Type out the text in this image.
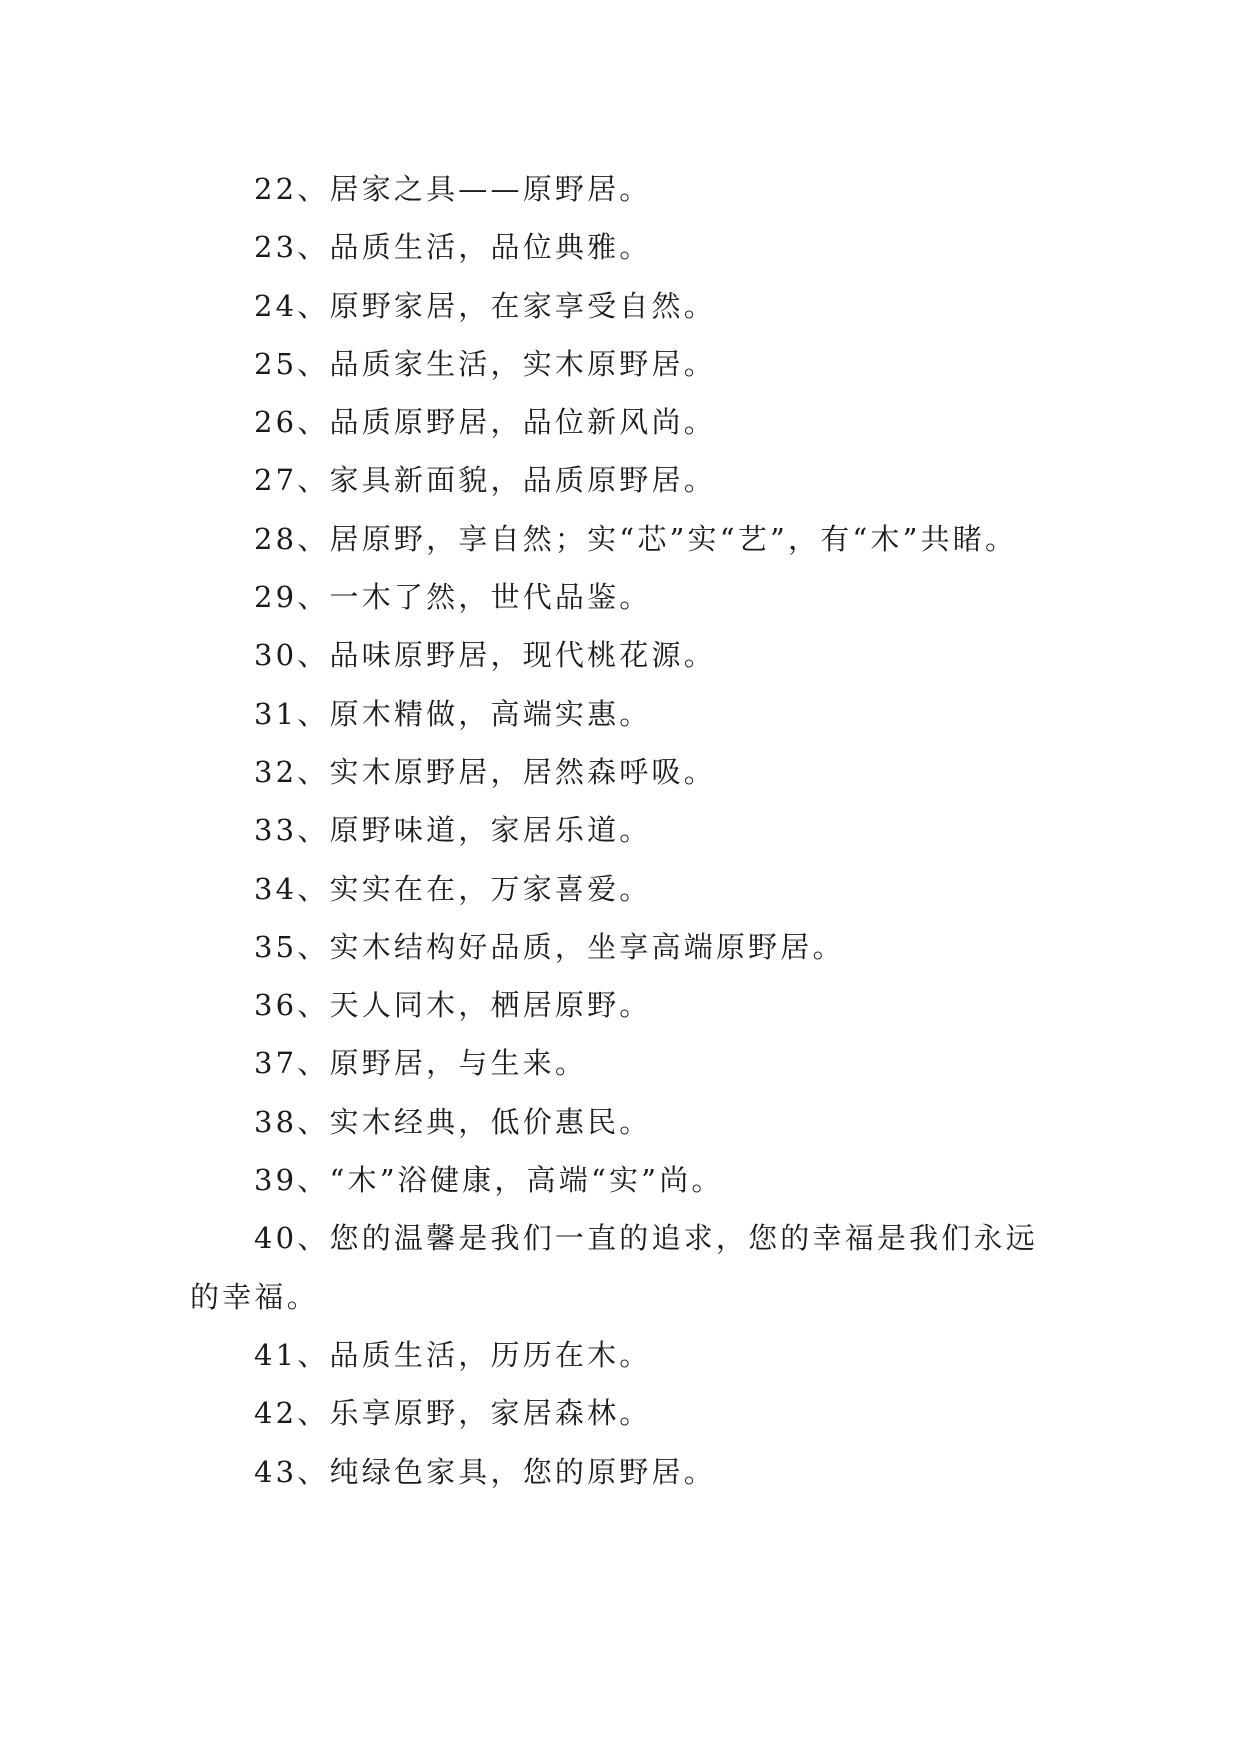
22、居家之具——原野居。

23、品质生活，品位典雅。

24、原野家居，在家享受自然。

25、品质家生活，实木原野居。

26、品质原野居，品位新风尚。

27、家具新面貌，品质原野居。

28、居原野，享自然；实“芯”实“艺”，有“木”共睹。

29、一木了然，世代品鉴。

30、品味原野居，现代桃花源。

31、原木精做，高端实惠。

32、实木原野居，居然森呼吸。

33、原野味道，家居乐道。

34、实实在在，万家喜爱。

35、实木结构好品质，坐享高端原野居。

36、天人同木，栖居原野。

37、原野居，与生来。

38、实木经典，低价惠民。

39、“木”浴健康，高端“实”尚。

40、您的温馨是我们一直的追求，您的幸福是我们永远的幸福。

41、品质生活，历历在木。

42、乐享原野，家居森林。

43、纯绿色家具，您的原野居。
